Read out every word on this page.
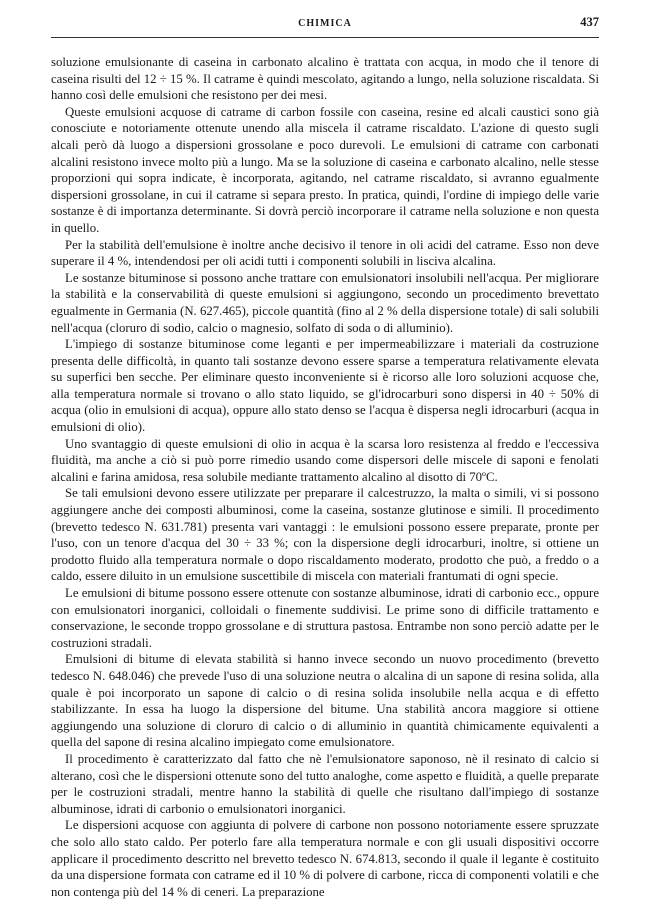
CHIMICA	437

soluzione emulsionante di caseina in carbonato alcalino è trattata con acqua, in modo che il tenore di caseina risulti del 12 ÷ 15 %. Il catrame è quindi mescolato, agitando a lungo, nella soluzione riscaldata. Si hanno così delle emulsioni che resistono per dei mesi.

Queste emulsioni acquose di catrame di carbon fossile con caseina, resine ed alcali caustici sono già conosciute e notoriamente ottenute unendo alla miscela il catrame riscaldato. L'azione di questo sugli alcali però dà luogo a dispersioni grossolane e poco durevoli. Le emulsioni di catrame con carbonati alcalini resistono invece molto più a lungo. Ma se la soluzione di caseina e carbonato alcalino, nelle stesse proporzioni qui sopra indicate, è incorporata, agitando, nel catrame riscaldato, si avranno egualmente dispersioni grossolane, in cui il catrame si separa presto. In pratica, quindi, l'ordine di impiego delle varie sostanze è di importanza determinante. Si dovrà perciò incorporare il catrame nella soluzione e non questa in quello.

Per la stabilità dell'emulsione è inoltre anche decisivo il tenore in oli acidi del catrame. Esso non deve superare il 4 %, intendendosi per oli acidi tutti i componenti solubili in lisciva alcalina.

Le sostanze bituminose si possono anche trattare con emulsionatori insolubili nell'acqua. Per migliorare la stabilità e la conservabilità di queste emulsioni si aggiungono, secondo un procedimento brevettato egualmente in Germania (N. 627.465), piccole quantità (fino al 2 % della dispersione totale) di sali solubili nell'acqua (cloruro di sodio, calcio o magnesio, solfato di soda o di alluminio).

L'impiego di sostanze bituminose come leganti e per impermeabilizzare i materiali da costruzione presenta delle difficoltà, in quanto tali sostanze devono essere sparse a temperatura relativamente elevata su superfici ben secche. Per eliminare questo inconveniente si è ricorso alle loro soluzioni acquose che, alla temperatura normale si trovano o allo stato liquido, se gl'idrocarburi sono dispersi in 40 ÷ 50% di acqua (olio in emulsioni di acqua), oppure allo stato denso se l'acqua è dispersa negli idrocarburi (acqua in emulsioni di olio).

Uno svantaggio di queste emulsioni di olio in acqua è la scarsa loro resistenza al freddo e l'eccessiva fluidità, ma anche a ciò si può porre rimedio usando come dispersori delle miscele di saponi e fenolati alcalini e farina amidosa, resa solubile mediante trattamento alcalino al disotto di 70ºC.

Se tali emulsioni devono essere utilizzate per preparare il calcestruzzo, la malta o simili, vi si possono aggiungere anche dei composti albuminosi, come la caseina, sostanze glutinose e simili. Il procedimento (brevetto tedesco N. 631.781) presenta vari vantaggi : le emulsioni possono essere preparate, pronte per l'uso, con un tenore d'acqua del 30 ÷ 33 %; con la dispersione degli idrocarburi, inoltre, si ottiene un prodotto fluido alla temperatura normale o dopo riscaldamento moderato, prodotto che può, a freddo o a caldo, essere diluito in un emulsione suscettibile di miscela con materiali frantumati di ogni specie.

Le emulsioni di bitume possono essere ottenute con sostanze albuminose, idrati di carbonio ecc., oppure con emulsionatori inorganici, colloidali o finemente suddivisi. Le prime sono di difficile trattamento e conservazione, le seconde troppo grossolane e di struttura pastosa. Entrambe non sono perciò adatte per le costruzioni stradali.

Emulsioni di bitume di elevata stabilità si hanno invece secondo un nuovo procedimento (brevetto tedesco N. 648.046) che prevede l'uso di una soluzione neutra o alcalina di un sapone di resina solida, alla quale è poi incorporato un sapone di calcio o di resina solida insolubile nella acqua e di effetto stabilizzante. In essa ha luogo la dispersione del bitume. Una stabilità ancora maggiore si ottiene aggiungendo una soluzione di cloruro di calcio o di alluminio in quantità chimicamente equivalenti a quella del sapone di resina alcalino impiegato come emulsionatore.

Il procedimento è caratterizzato dal fatto che nè l'emulsionatore saponoso, nè il resinato di calcio si alterano, così che le dispersioni ottenute sono del tutto analoghe, come aspetto e fluidità, a quelle preparate per le costruzioni stradali, mentre hanno la stabilità di quelle che risultano dall'impiego di sostanze albuminose, idrati di carbonio o emulsionatori inorganici.

Le dispersioni acquose con aggiunta di polvere di carbone non possono notoriamente essere spruzzate che solo allo stato caldo. Per poterlo fare alla temperatura normale e con gli usuali dispositivi occorre applicare il procedimento descritto nel brevetto tedesco N. 674.813, secondo il quale il legante è costituito da una dispersione formata con catrame ed il 10 % di polvere di carbone, ricca di componenti volatili e che non contenga più del 14 % di ceneri. La preparazione
